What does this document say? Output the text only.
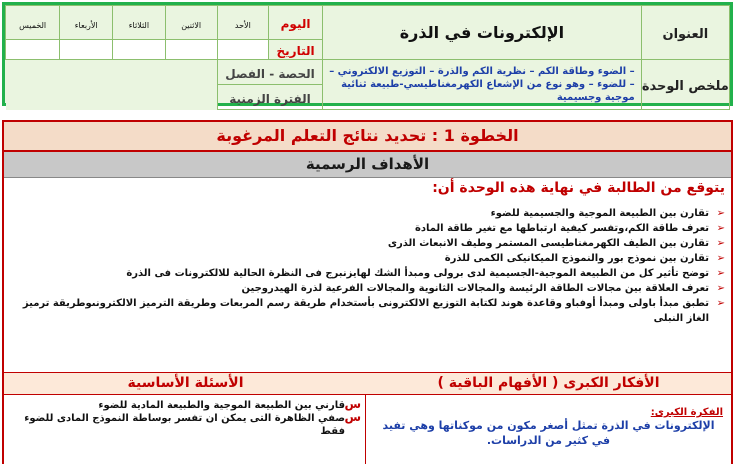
العنوان	الإلكترونات في الذرة	اليوم	الأحد	الاثنين	الثلاثاء	الأربعاء	الخميس
		التاريخ					
ملخص الوحدة	– الضوء وطاقة الكم – نظرية الكم والذرة – التوزيع الالكتروني –
– للضوء – وهو نوع من الإشعاع الكهرمغناطيسي-طبيعة ثنائية
موجية وجسيمية	الحصة - الفصل					
		الفترة الزمنية					
الخطوة 1 : تحديد نتائج التعلم المرغوبة
الأهداف الرسمية
يتوقع من الطالبة في نهاية هذه الوحدة أن:
➢
تقارن بين الطبيعة الموجية والجسيمية للضوء
➢
تعرف طاقة الكم،وتفسر كيفية ارتباطها مع تغير طاقة المادة
➢
تقارن بين الطيف الكهرمغناطيسى المستمر وطيف الانبعاث الذرى
➢
تقارن بين نموذج بور والنموذج الميكانيكى الكمى للذرة
➢
توضح تأثير كل من الطبيعة الموجية-الجسيمية لدى برولى ومبدأ الشك لهايزنبرج فى النظرة الحالية للالكترونات فى الذرة
➢
تعرف العلاقة بين مجالات الطاقة الرئيسة والمجالات الثانوية والمجالات الفرعية لذرة الهيدروجين
➢
تطبق مبدأ باولى ومبدأ أوفباو وقاعدة هوند لكتابة التوزيع الالكترونى بأستخدام طريقة رسم المربعات وطريقة الترميز الالكترونىوطريقة ترميز الغاز النبلى
الأفكار الكبرى ( الأفهام الباقية )
الفكرة الكبرى:
الإلكترونات في الذرة تمثل أصغر مكون من موكناتها وهي تفيد في كثير من الدراسات.
الأسئلة الأساسية
س
قارني بين الطبيعة الموجية والطبيعة المادية للضوء
س
صفي الظاهرة التى يمكن ان تفسر بوساطة النموذج المادى للضوء فقط
